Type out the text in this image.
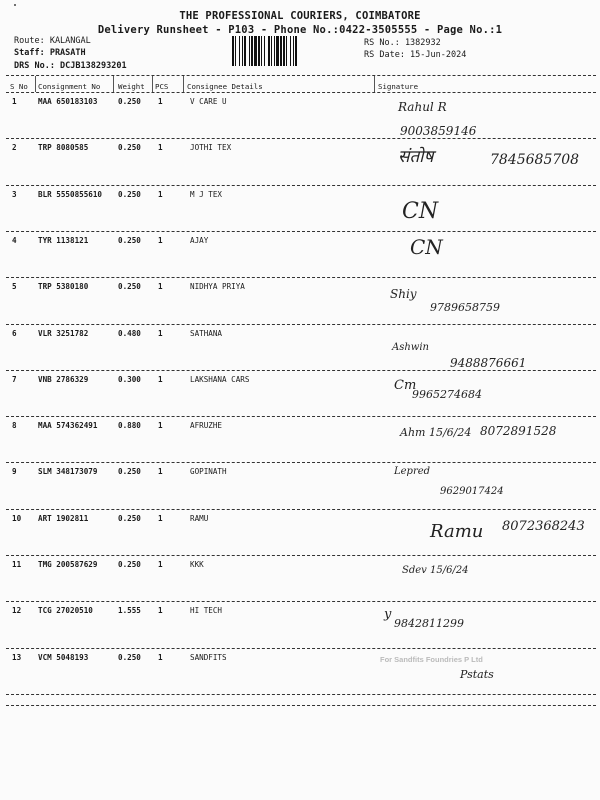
THE PROFESSIONAL COURIERS, COIMBATORE
Delivery Runsheet - P103 - Phone No.:0422-3505555 - Page No.:1
Route: KALANGAL
Staff: PRASATH
DRS No.: DCJB138293201
RS No.: 1382932
RS Date: 15-Jun-2024
S No Consignment No Weight PCS	Consignee Details	Signature
1	MAA 650183103	0.250 1	V CARE U	Rahul R
9003859146
2	TRP 8080585	0.250 1	JOTHI TEX	संतोष	7845685708
3	BLR 5550855610 0.250 1	M J TEX
CN
4	TYR 1138121	0.250 1	AJAY	CN
5	TRP 5380180	0.250 1	NIDHYA PRIYA
Shiy
9789658759
6	VLR 3251782	0.480 1	SATHANA
Ashwin
9488876661
7	VNB 2786329	0.300 1	LAKSHANA CARS	Cm
9965274684
8	MAA 574362491	0.880 1	AFRUZHE
Ahm 15/6/24 8072891528
9	SLM 348173079	0.250 1	GOPINATH	Lepred
9629017424
10 ART 1902811	0.250 1	RAMU
Ramu 8072368243
11 TMG 200587629	0.250 1	KKK
Sdev 15/6/24
12 TCG 27020510	1.555 1	HI TECH	y
9842811299
13 VCM 5048193	0.250 1	SANDFITS
Pstats
For Sandfits Foundries P Ltd
